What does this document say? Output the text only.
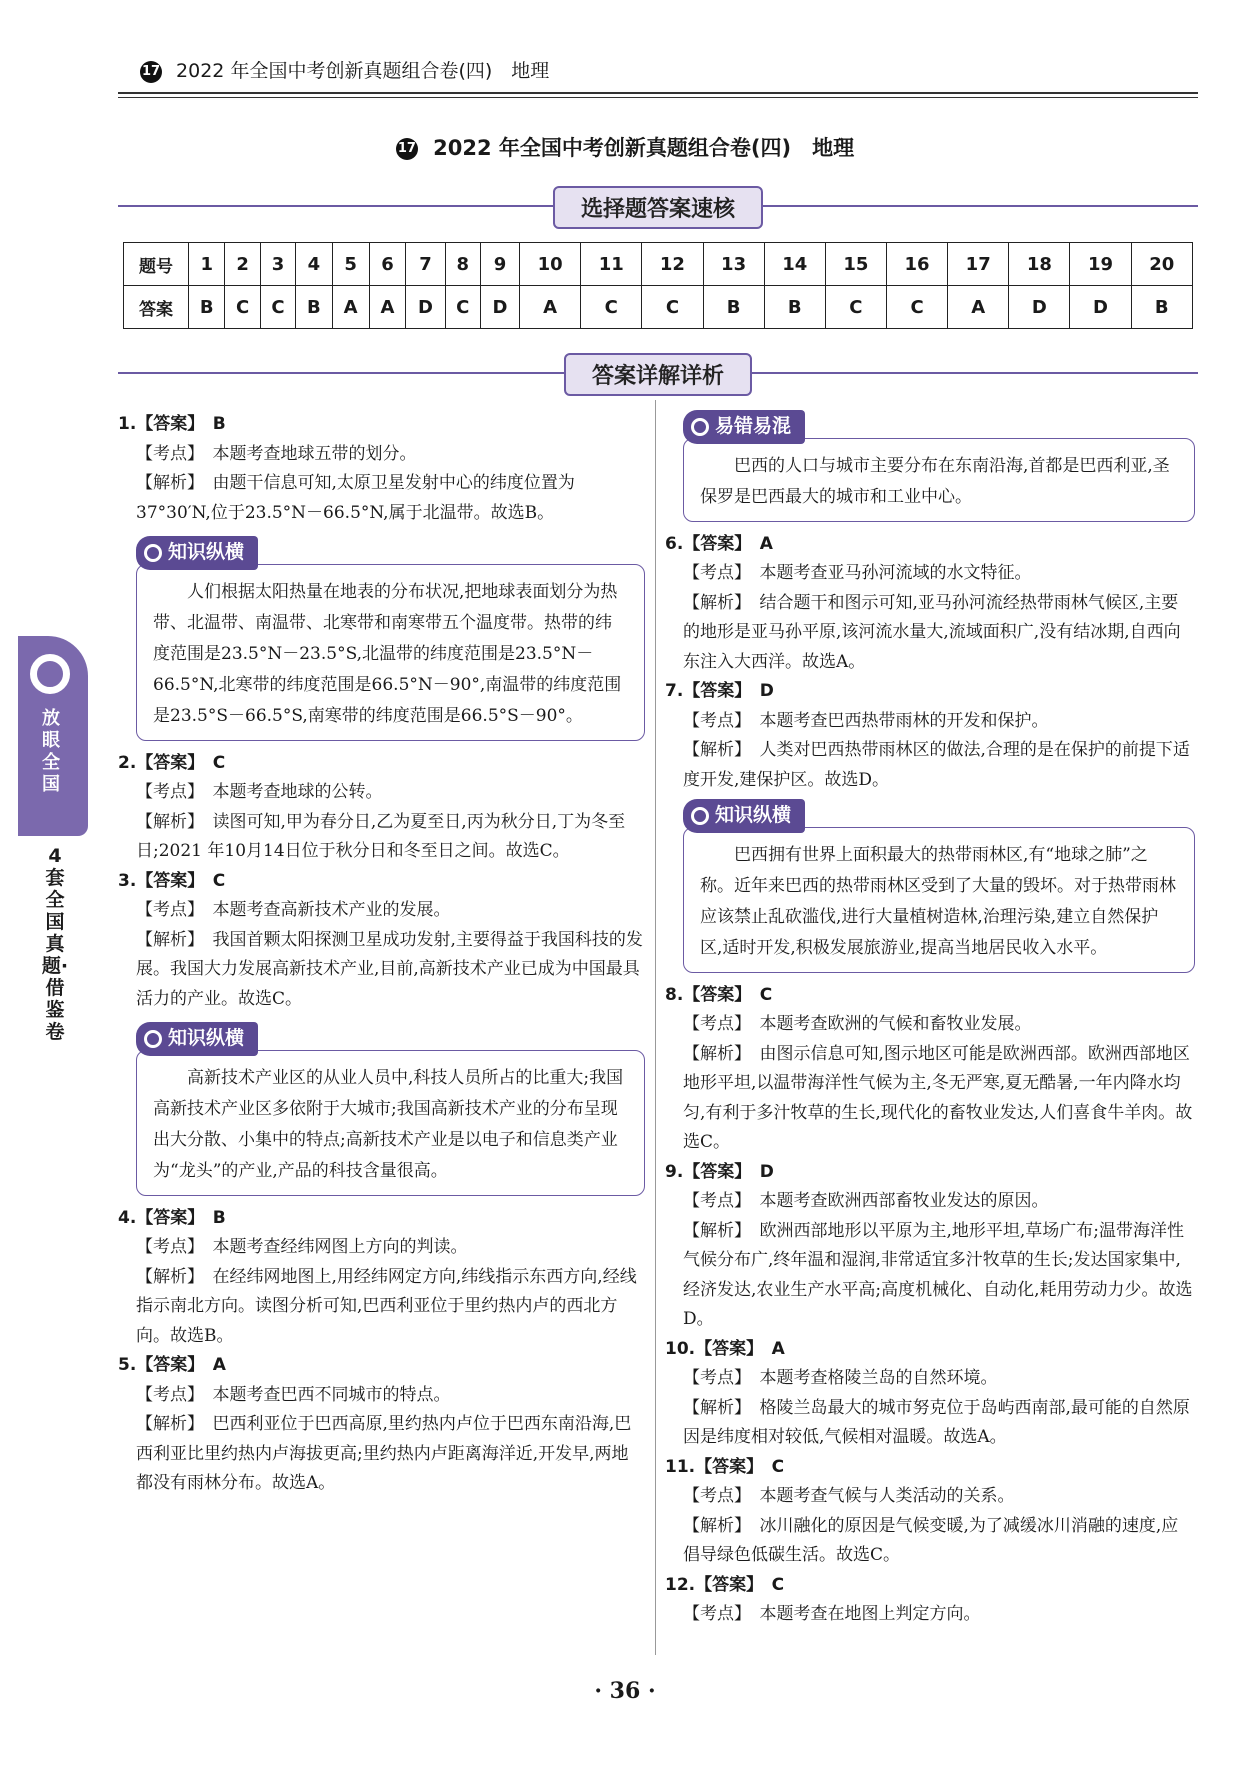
17 2022 年全国中考创新真题组合卷(四)　地理
17 2022 年全国中考创新真题组合卷(四)　地理
选择题答案速核
题号	1	2	3	4	5	6	7	8	9	10	11	12	13	14	15	16	17	18	19	20
答案	B	C	C	B	A	A	D	C	D	A	C	C	B	B	C	C	A	D	D	B
答案详解详析
1.【答案】　B
【考点】　本题考查地球五带的划分。
【解析】　由题干信息可知,太原卫星发射中心的纬度位置为37°30′N,位于23.5°N－66.5°N,属于北温带。故选B。
知识纵横
人们根据太阳热量在地表的分布状况,把地球表面划分为热带、北温带、南温带、北寒带和南寒带五个温度带。热带的纬度范围是23.5°N－23.5°S,北温带的纬度范围是23.5°N－66.5°N,北寒带的纬度范围是66.5°N－90°,南温带的纬度范围是23.5°S－66.5°S,南寒带的纬度范围是66.5°S－90°。
2.【答案】　C
【考点】　本题考查地球的公转。
【解析】　读图可知,甲为春分日,乙为夏至日,丙为秋分日,丁为冬至日;2021 年10月14日位于秋分日和冬至日之间。故选C。
3.【答案】　C
【考点】　本题考查高新技术产业的发展。
【解析】　我国首颗太阳探测卫星成功发射,主要得益于我国科技的发展。我国大力发展高新技术产业,目前,高新技术产业已成为中国最具活力的产业。故选C。
知识纵横
高新技术产业区的从业人员中,科技人员所占的比重大;我国高新技术产业区多依附于大城市;我国高新技术产业的分布呈现出大分散、小集中的特点;高新技术产业是以电子和信息类产业为“龙头”的产业,产品的科技含量很高。
4.【答案】　B
【考点】　本题考查经纬网图上方向的判读。
【解析】　在经纬网地图上,用经纬网定方向,纬线指示东西方向,经线指示南北方向。读图分析可知,巴西利亚位于里约热内卢的西北方向。故选B。
5.【答案】　A
【考点】　本题考查巴西不同城市的特点。
【解析】　巴西利亚位于巴西高原,里约热内卢位于巴西东南沿海,巴西利亚比里约热内卢海拔更高;里约热内卢距离海洋近,开发早,两地都没有雨林分布。故选A。
易错易混
巴西的人口与城市主要分布在东南沿海,首都是巴西利亚,圣保罗是巴西最大的城市和工业中心。
6.【答案】　A
【考点】　本题考查亚马孙河流域的水文特征。
【解析】　结合题干和图示可知,亚马孙河流经热带雨林气候区,主要的地形是亚马孙平原,该河流水量大,流域面积广,没有结冰期,自西向东注入大西洋。故选A。
7.【答案】　D
【考点】　本题考查巴西热带雨林的开发和保护。
【解析】　人类对巴西热带雨林区的做法,合理的是在保护的前提下适度开发,建保护区。故选D。
知识纵横
巴西拥有世界上面积最大的热带雨林区,有“地球之肺”之称。近年来巴西的热带雨林区受到了大量的毁坏。对于热带雨林应该禁止乱砍滥伐,进行大量植树造林,治理污染,建立自然保护区,适时开发,积极发展旅游业,提高当地居民收入水平。
8.【答案】　C
【考点】　本题考查欧洲的气候和畜牧业发展。
【解析】　由图示信息可知,图示地区可能是欧洲西部。欧洲西部地区地形平坦,以温带海洋性气候为主,冬无严寒,夏无酷暑,一年内降水均匀,有利于多汁牧草的生长,现代化的畜牧业发达,人们喜食牛羊肉。故选C。
9.【答案】　D
【考点】　本题考查欧洲西部畜牧业发达的原因。
【解析】　欧洲西部地形以平原为主,地形平坦,草场广布;温带海洋性气候分布广,终年温和湿润,非常适宜多汁牧草的生长;发达国家集中,经济发达,农业生产水平高;高度机械化、自动化,耗用劳动力少。故选D。
10.【答案】　A
【考点】　本题考查格陵兰岛的自然环境。
【解析】　格陵兰岛最大的城市努克位于岛屿西南部,最可能的自然原因是纬度相对较低,气候相对温暖。故选A。
11.【答案】　C
【考点】　本题考查气候与人类活动的关系。
【解析】　冰川融化的原因是气候变暖,为了减缓冰川消融的速度,应倡导绿色低碳生活。故选C。
12.【答案】　C
【考点】　本题考查在地图上判定方向。
放眼全国
4套全国真题·借鉴卷
· 36 ·
